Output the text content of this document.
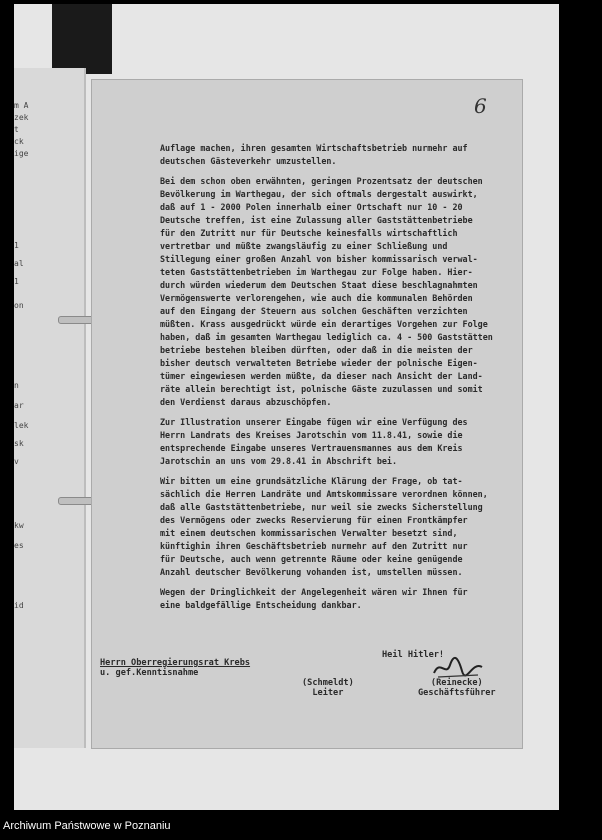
m A
zek
t
ck
ige
1
al
1
on
n
ar
lek
sk
v
kw
es
id
6

Auflage machen, ihren gesamten Wirtschaftsbetrieb nurmehr auf

deutschen Gästeverkehr umzustellen.

Bei dem schon oben erwähnten, geringen Prozentsatz der deutschen

Bevölkerung im Warthegau, der sich oftmals dergestalt auswirkt,

daß auf 1 - 2000 Polen innerhalb einer Ortschaft nur 10 - 20

Deutsche treffen, ist eine Zulassung aller Gaststättenbetriebe

für den Zutritt nur für Deutsche keinesfalls wirtschaftlich

vertretbar und müßte zwangsläufig zu einer Schließung und

Stillegung einer großen Anzahl von bisher kommissarisch verwal-

teten Gaststättenbetrieben im Warthegau zur Folge haben. Hier-

durch würden wiederum dem Deutschen Staat diese beschlagnahmten

Vermögenswerte verlorengehen, wie auch die kommunalen Behörden

auf den Eingang der Steuern aus solchen Geschäften verzichten

müßten. Krass ausgedrückt würde ein derartiges Vorgehen zur Folge

haben, daß im gesamten Warthegau lediglich ca. 4 - 500 Gaststätten

betriebe bestehen bleiben dürften, oder daß in die meisten der

bisher deutsch verwalteten Betriebe wieder der polnische Eigen-

tümer eingewiesen werden müßte, da dieser nach Ansicht der Land-

räte allein berechtigt ist, polnische Gäste zuzulassen und somit

den Verdienst daraus abzuschöpfen.

Zur Illustration unserer Eingabe fügen wir eine Verfügung des

Herrn Landrats des Kreises Jarotschin vom 11.8.41, sowie die

entsprechende Eingabe unseres Vertrauensmannes aus dem Kreis

Jarotschin an uns vom 29.8.41 in Abschrift bei.

Wir bitten um eine grundsätzliche Klärung der Frage, ob tat-

sächlich die Herren Landräte und Amtskommissare verordnen können,

daß alle Gaststättenbetriebe, nur weil sie zwecks Sicherstellung

des Vermögens oder zwecks Reservierung für einen Frontkämpfer

mit einem deutschen kommissarischen Verwalter besetzt sind,

künftighin ihren Geschäftsbetrieb nurmehr auf den Zutritt nur

für Deutsche, auch wenn getrennte Räume oder keine genügende

Anzahl deutscher Bevölkerung vohanden ist, umstellen müssen.

Wegen der Dringlichkeit der Angelegenheit wären wir Ihnen für

eine baldgefällige Entscheidung dankbar.

Heil Hitler!
Herrn Oberregierungsrat Krebs
u. gef.Kenntisnahme
(Schmeldt)
Leiter
(Reinecke)
Geschäftsführer
Archiwum Państwowe w Poznaniu
